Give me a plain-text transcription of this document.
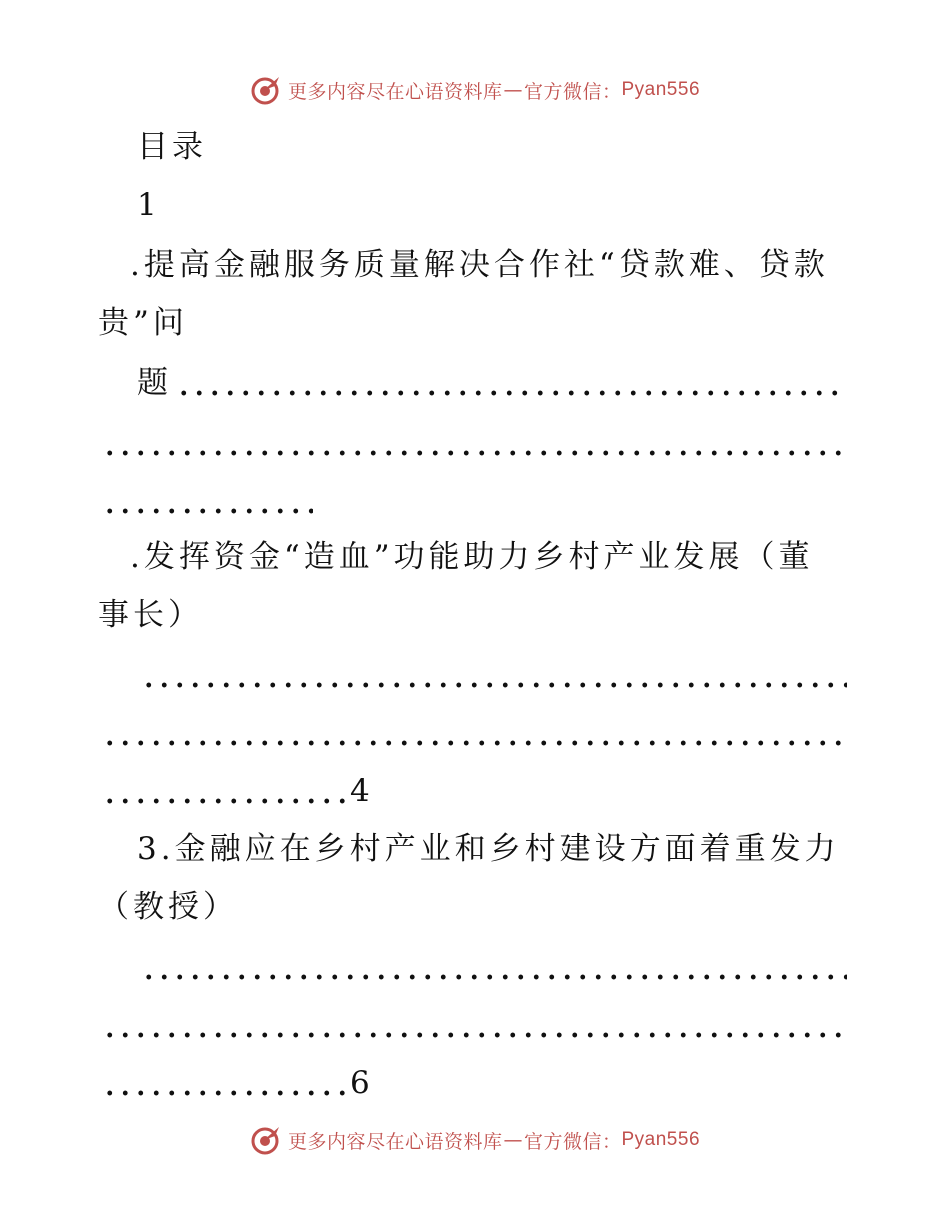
更多内容尽在心语资料库 — 官方微信： Pyan556
目录
1
.提高金融服务质量解决合作社“贷款难、贷款
贵”问
题
.发挥资金“造血”功能助力乡村产业发展（董
事长）
4
3.金融应在乡村产业和乡村建设方面着重发力
（教授）
6
更多内容尽在心语资料库 — 官方微信： Pyan556
